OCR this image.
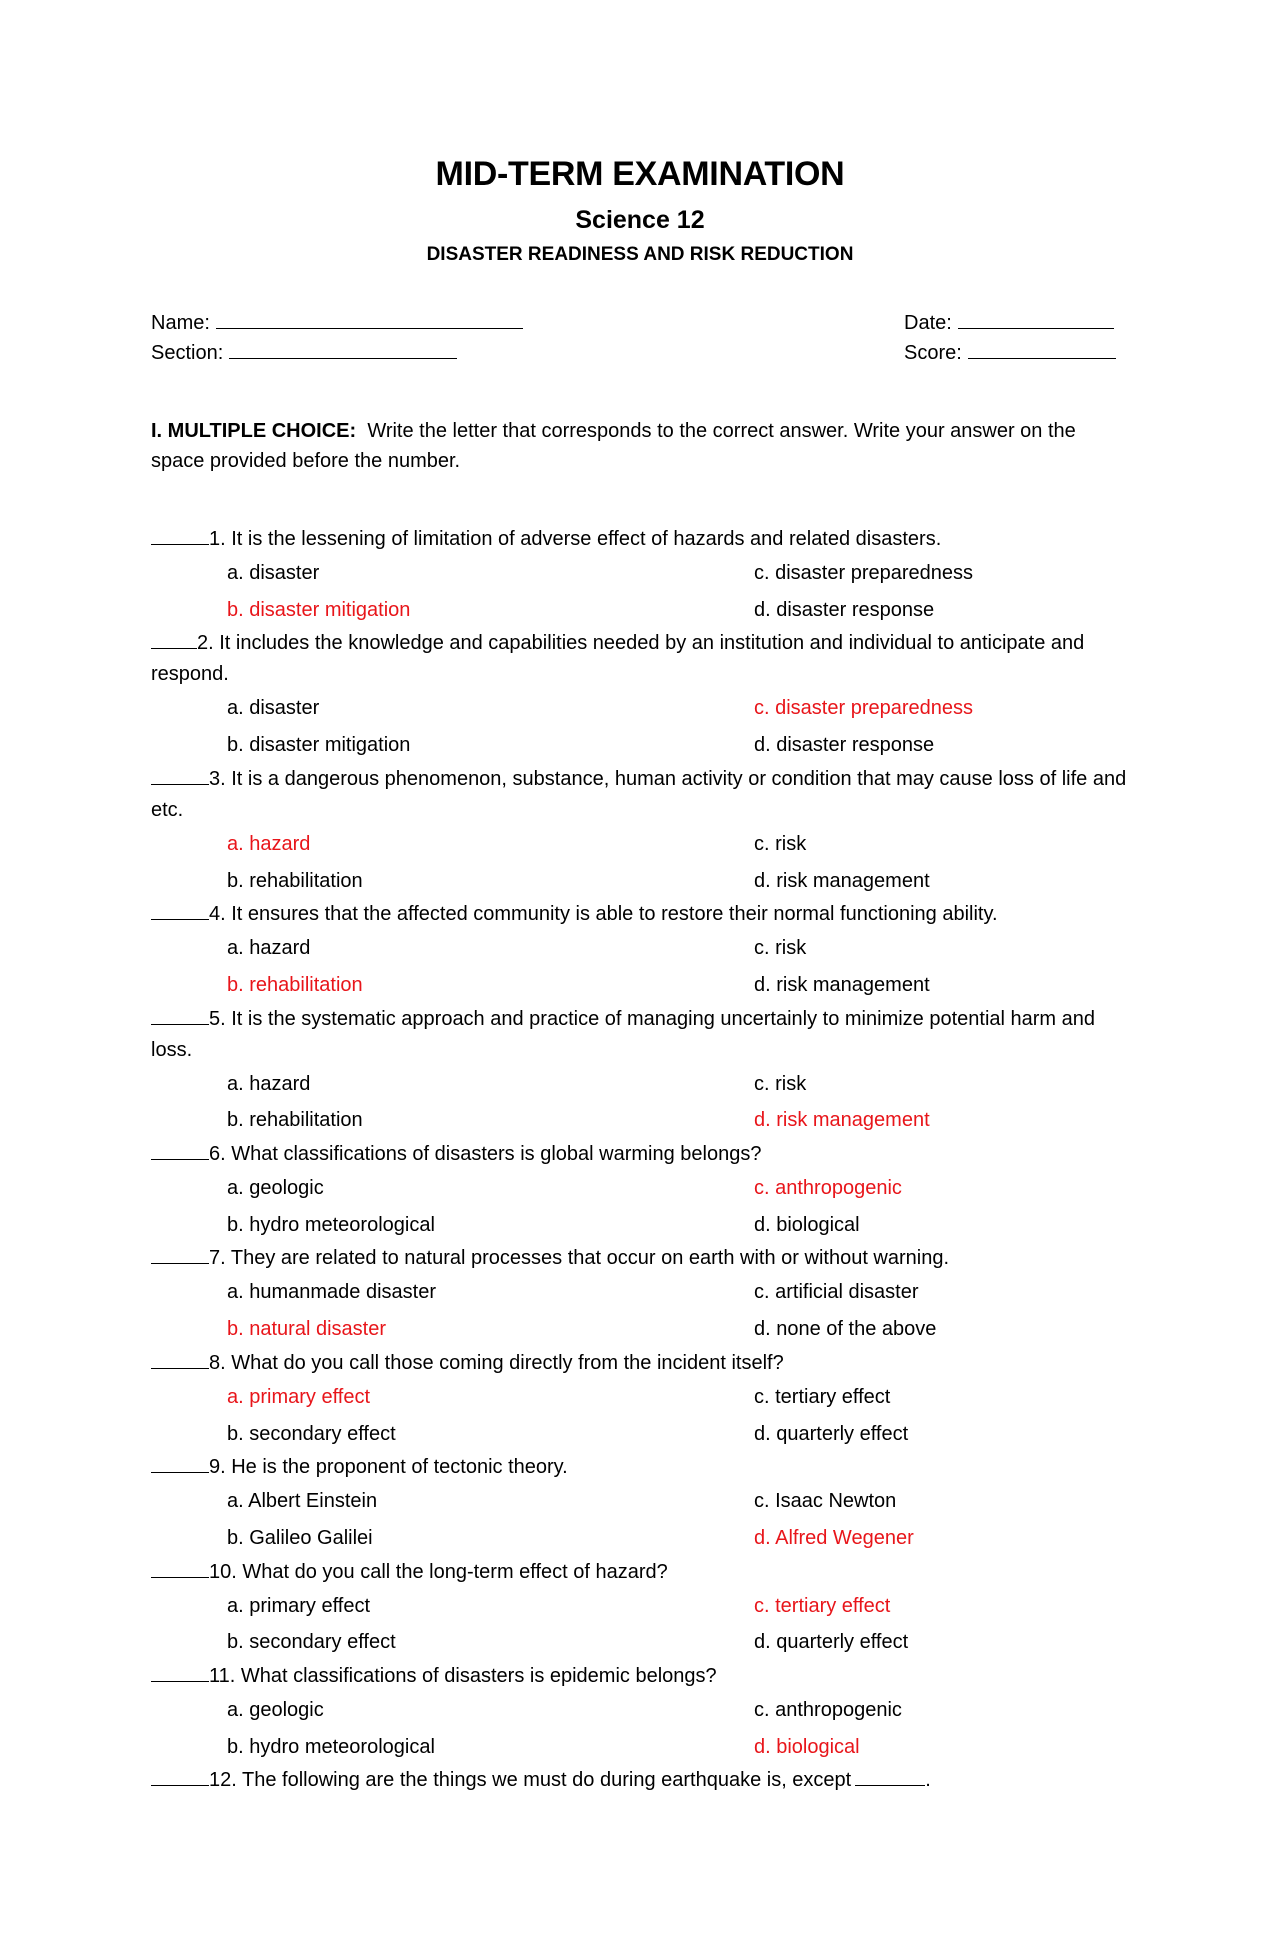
MID-TERM EXAMINATION
Science 12
DISASTER READINESS AND RISK REDUCTION
Name:
Section:
Date:
Score:
I. MULTIPLE CHOICE: Write the letter that corresponds to the correct answer. Write your answer on the space provided before the number.
1. It is the lessening of limitation of adverse effect of hazards and related disasters.
a. disaster	c. disaster preparedness
b. disaster mitigation	d. disaster response
2. It includes the knowledge and capabilities needed by an institution and individual to anticipate and respond.
a. disaster	c. disaster preparedness
b. disaster mitigation	d. disaster response
3. It is a dangerous phenomenon, substance, human activity or condition that may cause loss of life and etc.
a. hazard	c. risk
b. rehabilitation	d. risk management
4. It ensures that the affected community is able to restore their normal functioning ability.
a. hazard	c. risk
b. rehabilitation	d. risk management
5. It is the systematic approach and practice of managing uncertainly to minimize potential harm and loss.
a. hazard	c. risk
b. rehabilitation	d. risk management
6. What classifications of disasters is global warming belongs?
a. geologic	c. anthropogenic
b. hydro meteorological	d. biological
7. They are related to natural processes that occur on earth with or without warning.
a. humanmade disaster	c. artificial disaster
b. natural disaster	d. none of the above
8. What do you call those coming directly from the incident itself?
a. primary effect	c. tertiary effect
b. secondary effect	d. quarterly effect
9. He is the proponent of tectonic theory.
a. Albert Einstein	c. Isaac Newton
b. Galileo Galilei	d. Alfred Wegener
10. What do you call the long-term effect of hazard?
a. primary effect	c. tertiary effect
b. secondary effect	d. quarterly effect
11. What classifications of disasters is epidemic belongs?
a. geologic	c. anthropogenic
b. hydro meteorological	d. biological
12. The following are the things we must do during earthquake is, except	.
